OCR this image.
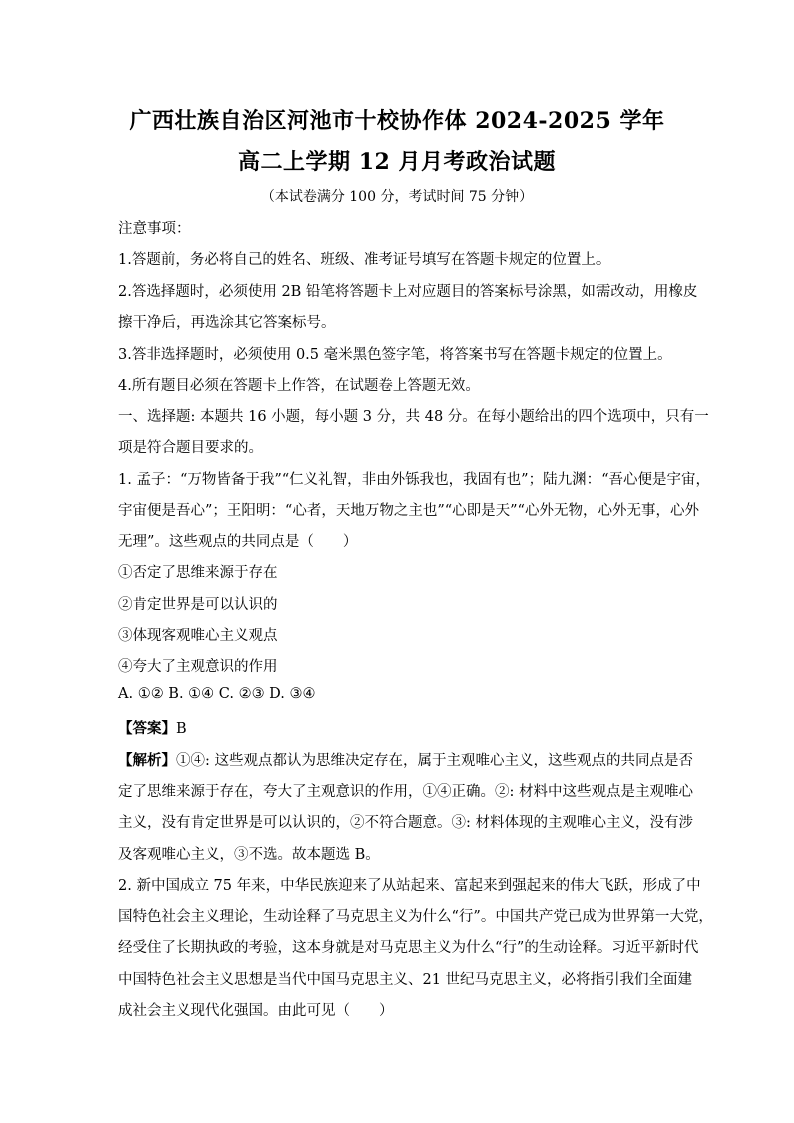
广西壮族自治区河池市十校协作体 2024-2025 学年
高二上学期 12 月月考政治试题
（本试卷满分 100 分，考试时间 75 分钟）
注意事项：
1.答题前，务必将自己的姓名、班级、准考证号填写在答题卡规定的位置上。
2.答选择题时，必须使用 2B 铅笔将答题卡上对应题目的答案标号涂黑，如需改动，用橡皮
擦干净后，再选涂其它答案标号。
3.答非选择题时，必须使用 0.5 毫米黑色签字笔，将答案书写在答题卡规定的位置上。
4.所有题目必须在答题卡上作答，在试题卷上答题无效。
一、选择题: 本题共 16 小题，每小题 3 分，共 48 分。在每小题给出的四个选项中，只有一
项是符合题目要求的。
1. 孟子：“万物皆备于我”“仁义礼智，非由外铄我也，我固有也”；陆九渊：“吾心便是宇宙，
宇宙便是吾心”；王阳明：“心者，天地万物之主也”“心即是天”“心外无物，心外无事，心外
无理”。这些观点的共同点是（　　）
①否定了思维来源于存在
②肯定世界是可以认识的
③体现客观唯心主义观点
④夸大了主观意识的作用
A. ①② B. ①④ C. ②③ D. ③④
【答案】B
【解析】①④: 这些观点都认为思维决定存在，属于主观唯心主义，这些观点的共同点是否
定了思维来源于存在，夸大了主观意识的作用，①④正确。②: 材料中这些观点是主观唯心
主义，没有肯定世界是可以认识的，②不符合题意。③: 材料体现的主观唯心主义，没有涉
及客观唯心主义，③不选。故本题选 B。
2. 新中国成立 75 年来，中华民族迎来了从站起来、富起来到强起来的伟大飞跃，形成了中
国特色社会主义理论，生动诠释了马克思主义为什么“行”。中国共产党已成为世界第一大党，
经受住了长期执政的考验，这本身就是对马克思主义为什么“行”的生动诠释。习近平新时代
中国特色社会主义思想是当代中国马克思主义、21 世纪马克思主义，必将指引我们全面建
成社会主义现代化强国。由此可见（　　）
